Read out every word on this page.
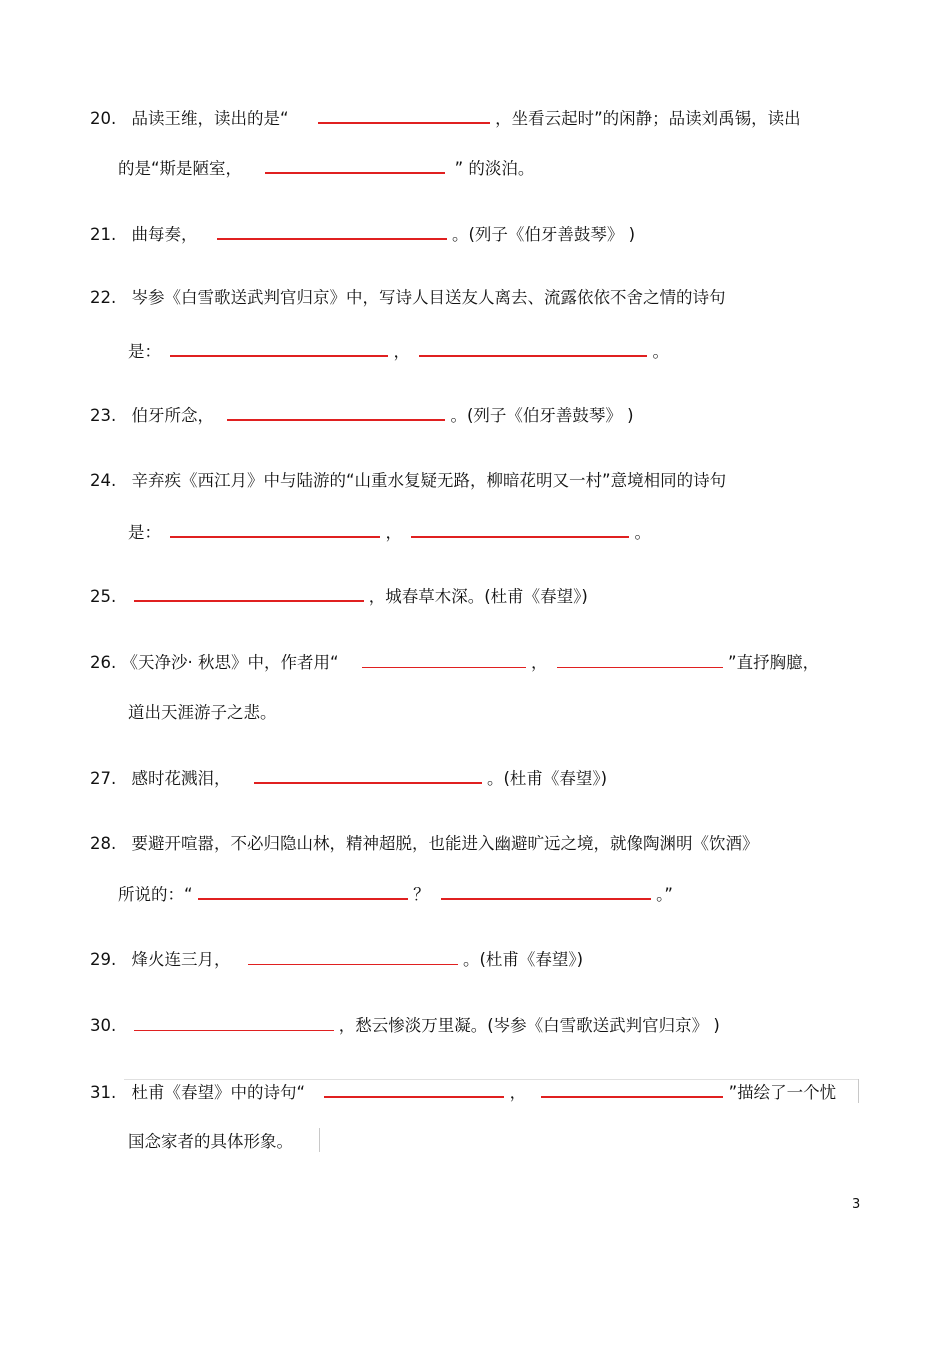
20. 品读王维，读出的是“	，坐看云起时”的闲静；品读刘禹锡，读出
的是“斯是陋室，	” 的淡泊。
21. 曲每奏，	。(列子《伯牙善鼓琴》 )
22. 岑参《白雪歌送武判官归京》中，写诗人目送友人离去、流露依依不舍之情的诗句
是：	，	。
23. 伯牙所念，	。(列子《伯牙善鼓琴》 )
24. 辛弃疾《西江月》中与陆游的“山重水复疑无路，柳暗花明又一村”意境相同的诗句
是：	，	。
25.	，城春草木深。(杜甫《春望》)
26. 《天净沙· 秋思》中，作者用“	，	”直抒胸臆，
道出天涯游子之悲。
27. 感时花溅泪，	。(杜甫《春望》)
28. 要避开喧嚣，不必归隐山林，精神超脱，也能进入幽避旷远之境，就像陶渊明《饮酒》
所说的：“	？	。”
29. 烽火连三月，	。(杜甫《春望》)
30.	，愁云惨淡万里凝。(岑参《白雪歌送武判官归京》 )
31. 杜甫《春望》中的诗句“	，	”描绘了一个忧
国念家者的具体形象。
3
